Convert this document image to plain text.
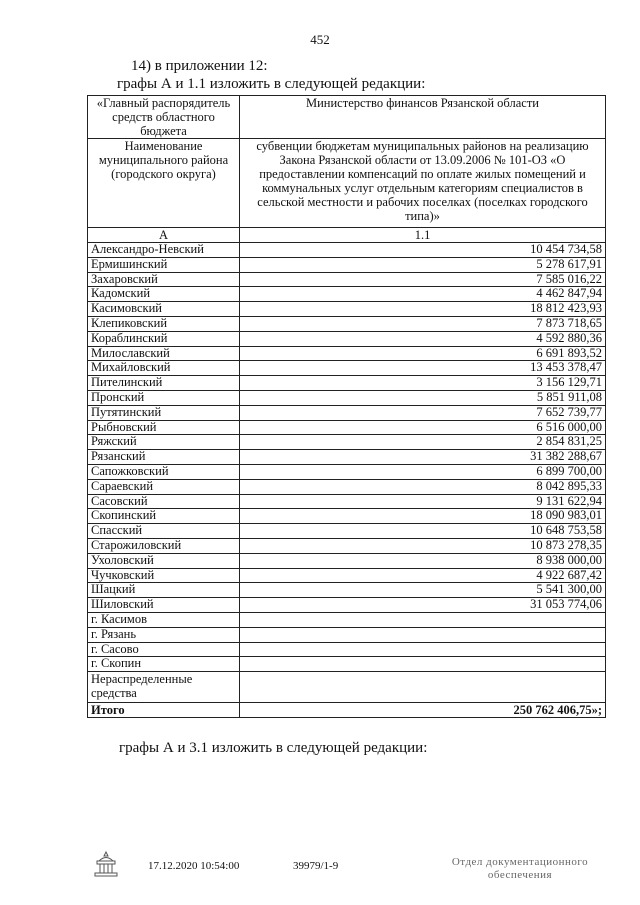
452
14) в приложении 12:
графы А и 1.1 изложить в следующей редакции:
«Главный распорядитель средств областного бюджета	Министерство финансов Рязанской области
Наименование муниципального района (городского округа)	субвенции бюджетам муниципальных районов на реализацию Закона Рязанской области от 13.09.2006 № 101-ОЗ «О предоставлении компенсаций по оплате жилых помещений и коммунальных услуг отдельным категориям специалистов в сельской местности и рабочих поселках (поселках городского типа)»
А	1.1
Александро-Невский	10 454 734,58
Ермишинский	5 278 617,91
Захаровский	7 585 016,22
Кадомский	4 462 847,94
Касимовский	18 812 423,93
Клепиковский	7 873 718,65
Кораблинский	4 592 880,36
Милославский	6 691 893,52
Михайловский	13 453 378,47
Пителинский	3 156 129,71
Пронский	5 851 911,08
Путятинский	7 652 739,77
Рыбновский	6 516 000,00
Ряжский	2 854 831,25
Рязанский	31 382 288,67
Сапожковский	6 899 700,00
Сараевский	8 042 895,33
Сасовский	9 131 622,94
Скопинский	18 090 983,01
Спасский	10 648 753,58
Старожиловский	10 873 278,35
Ухоловский	8 938 000,00
Чучковский	4 922 687,42
Шацкий	5 541 300,00
Шиловский	31 053 774,06
г. Касимов	
г. Рязань	
г. Сасово	
г. Скопин	
Нераспределенные средства	
Итого	250 762 406,75»;
графы А и 3.1 изложить в следующей редакции:
17.12.2020 10:54:00	39979/1-9	Отдел документационного обеспечения
